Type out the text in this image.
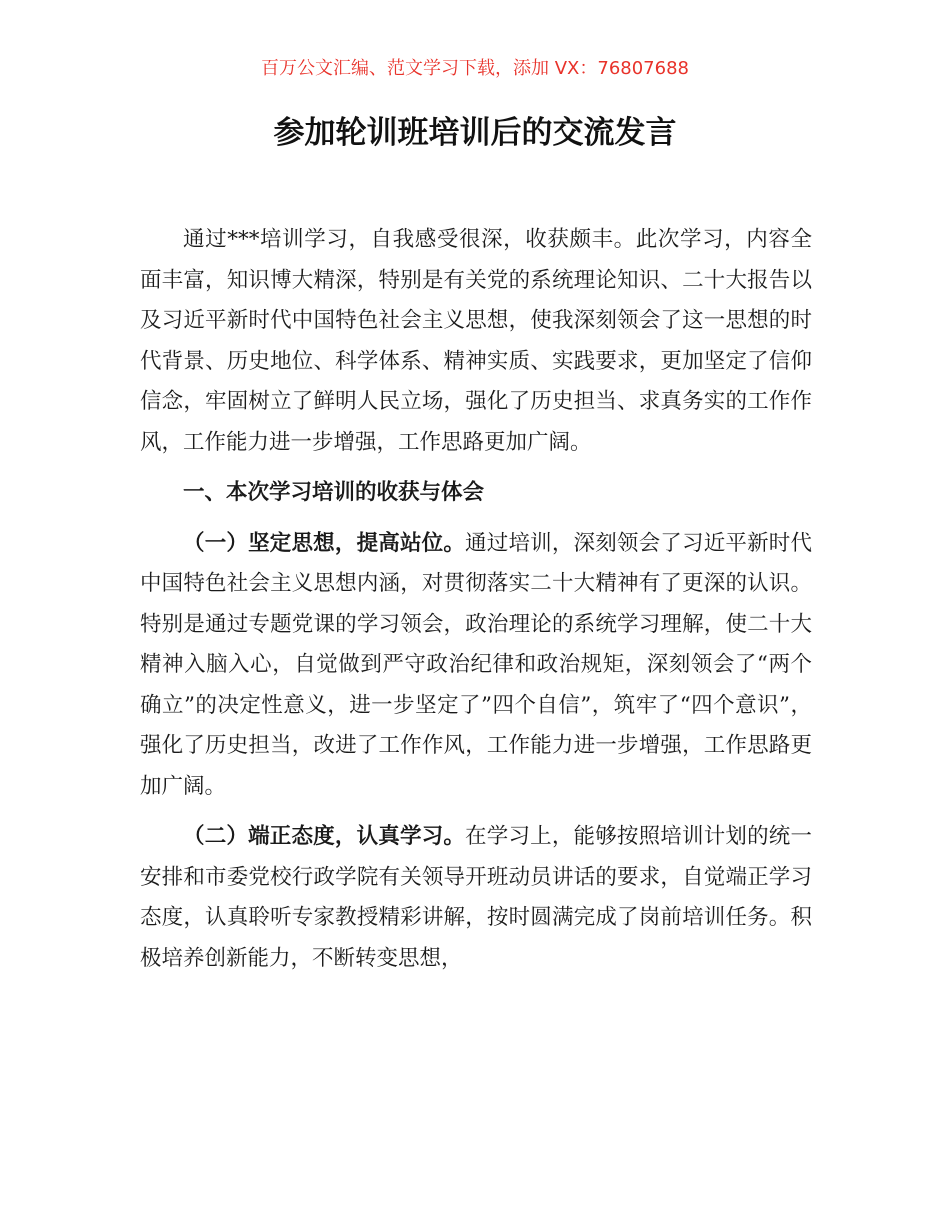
百万公文汇编、范文学习下载，添加 VX：76807688
参加轮训班培训后的交流发言

通过***培训学习，自我感受很深，收获颇丰。此次学习，内容全面丰富，知识博大精深，特别是有关党的系统理论知识、二十大报告以及习近平新时代中国特色社会主义思想，使我深刻领会了这一思想的时代背景、历史地位、科学体系、精神实质、实践要求，更加坚定了信仰信念，牢固树立了鲜明人民立场，强化了历史担当、求真务实的工作作风，工作能力进一步增强，工作思路更加广阔。

一、本次学习培训的收获与体会

（一）坚定思想，提高站位。通过培训，深刻领会了习近平新时代中国特色社会主义思想内涵，对贯彻落实二十大精神有了更深的认识。特别是通过专题党课的学习领会，政治理论的系统学习理解，使二十大精神入脑入心，自觉做到严守政治纪律和政治规矩，深刻领会了“两个确立”的决定性意义，进一步坚定了”四个自信”，筑牢了“四个意识”，强化了历史担当，改进了工作作风，工作能力进一步增强，工作思路更加广阔。

（二）端正态度，认真学习。在学习上，能够按照培训计划的统一安排和市委党校行政学院有关领导开班动员讲话的要求，自觉端正学习态度，认真聆听专家教授精彩讲解，按时圆满完成了岗前培训任务。积极培养创新能力，不断转变思想，
